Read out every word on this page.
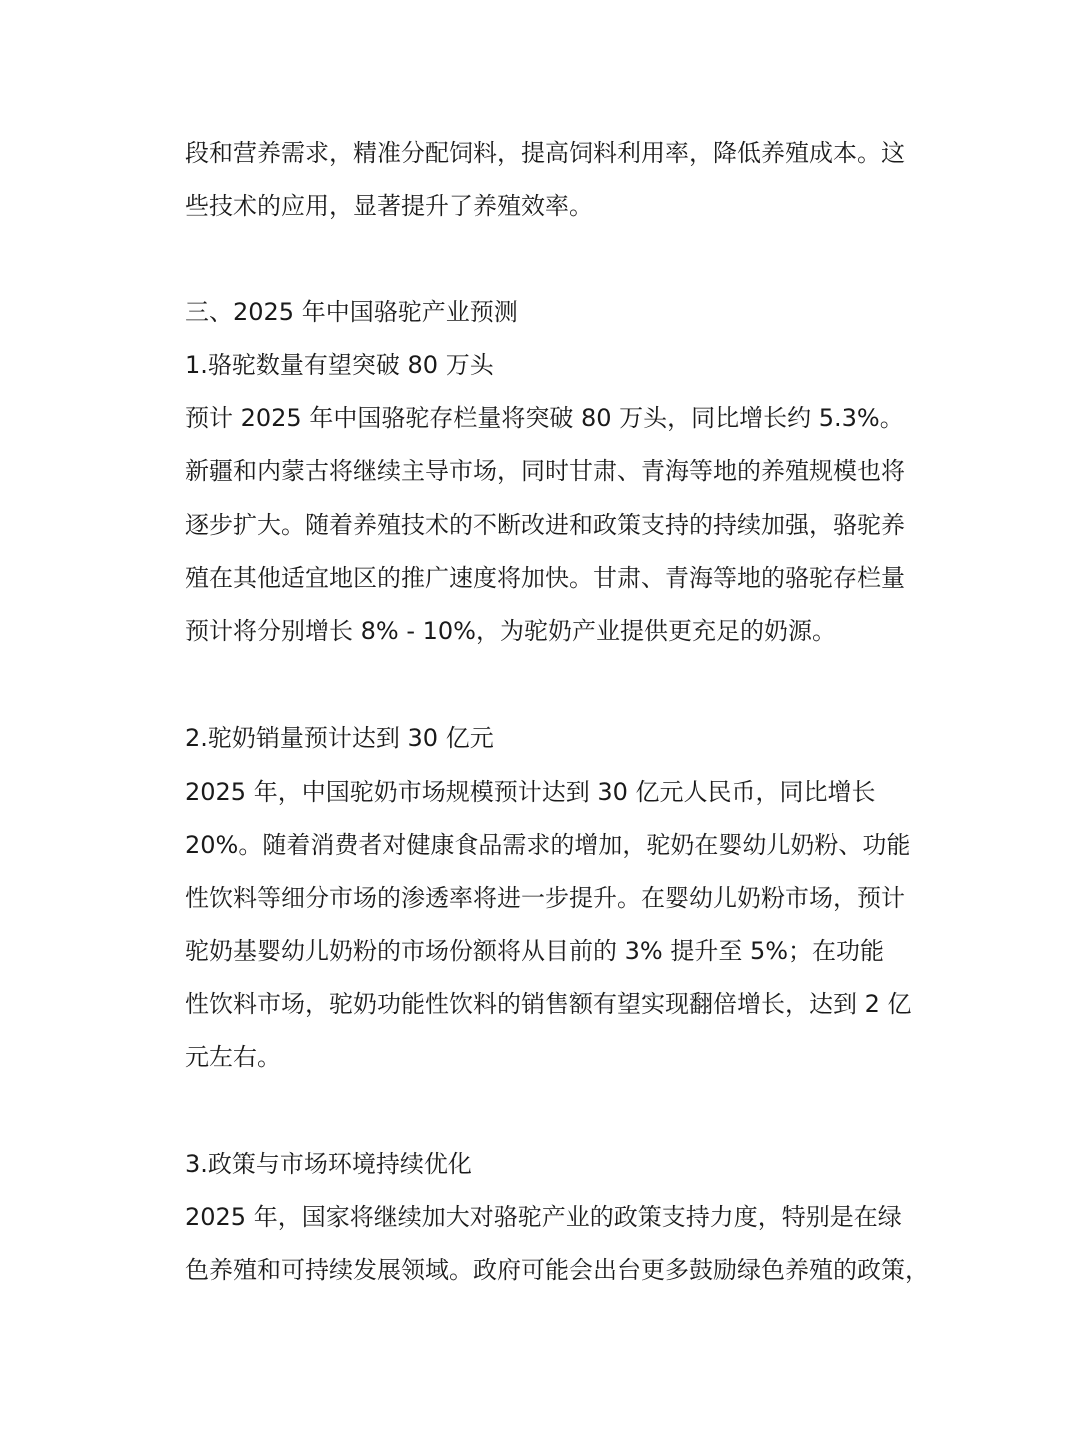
段和营养需求，精准分配饲料，提高饲料利用率，降低养殖成本。这
些技术的应用，显著提升了养殖效率。
三、2025 年中国骆驼产业预测
1.骆驼数量有望突破 80 万头
预计 2025 年中国骆驼存栏量将突破 80 万头，同比增长约 5.3%。
新疆和内蒙古将继续主导市场，同时甘肃、青海等地的养殖规模也将
逐步扩大。随着养殖技术的不断改进和政策支持的持续加强，骆驼养
殖在其他适宜地区的推广速度将加快。甘肃、青海等地的骆驼存栏量
预计将分别增长 8% - 10%，为驼奶产业提供更充足的奶源。
2.驼奶销量预计达到 30 亿元
2025 年，中国驼奶市场规模预计达到 30 亿元人民币，同比增长
20%。随着消费者对健康食品需求的增加，驼奶在婴幼儿奶粉、功能
性饮料等细分市场的渗透率将进一步提升。在婴幼儿奶粉市场，预计
驼奶基婴幼儿奶粉的市场份额将从目前的 3% 提升至 5%；在功能
性饮料市场，驼奶功能性饮料的销售额有望实现翻倍增长，达到 2 亿
元左右。
3.政策与市场环境持续优化
2025 年，国家将继续加大对骆驼产业的政策支持力度，特别是在绿
色养殖和可持续发展领域。政府可能会出台更多鼓励绿色养殖的政策，
